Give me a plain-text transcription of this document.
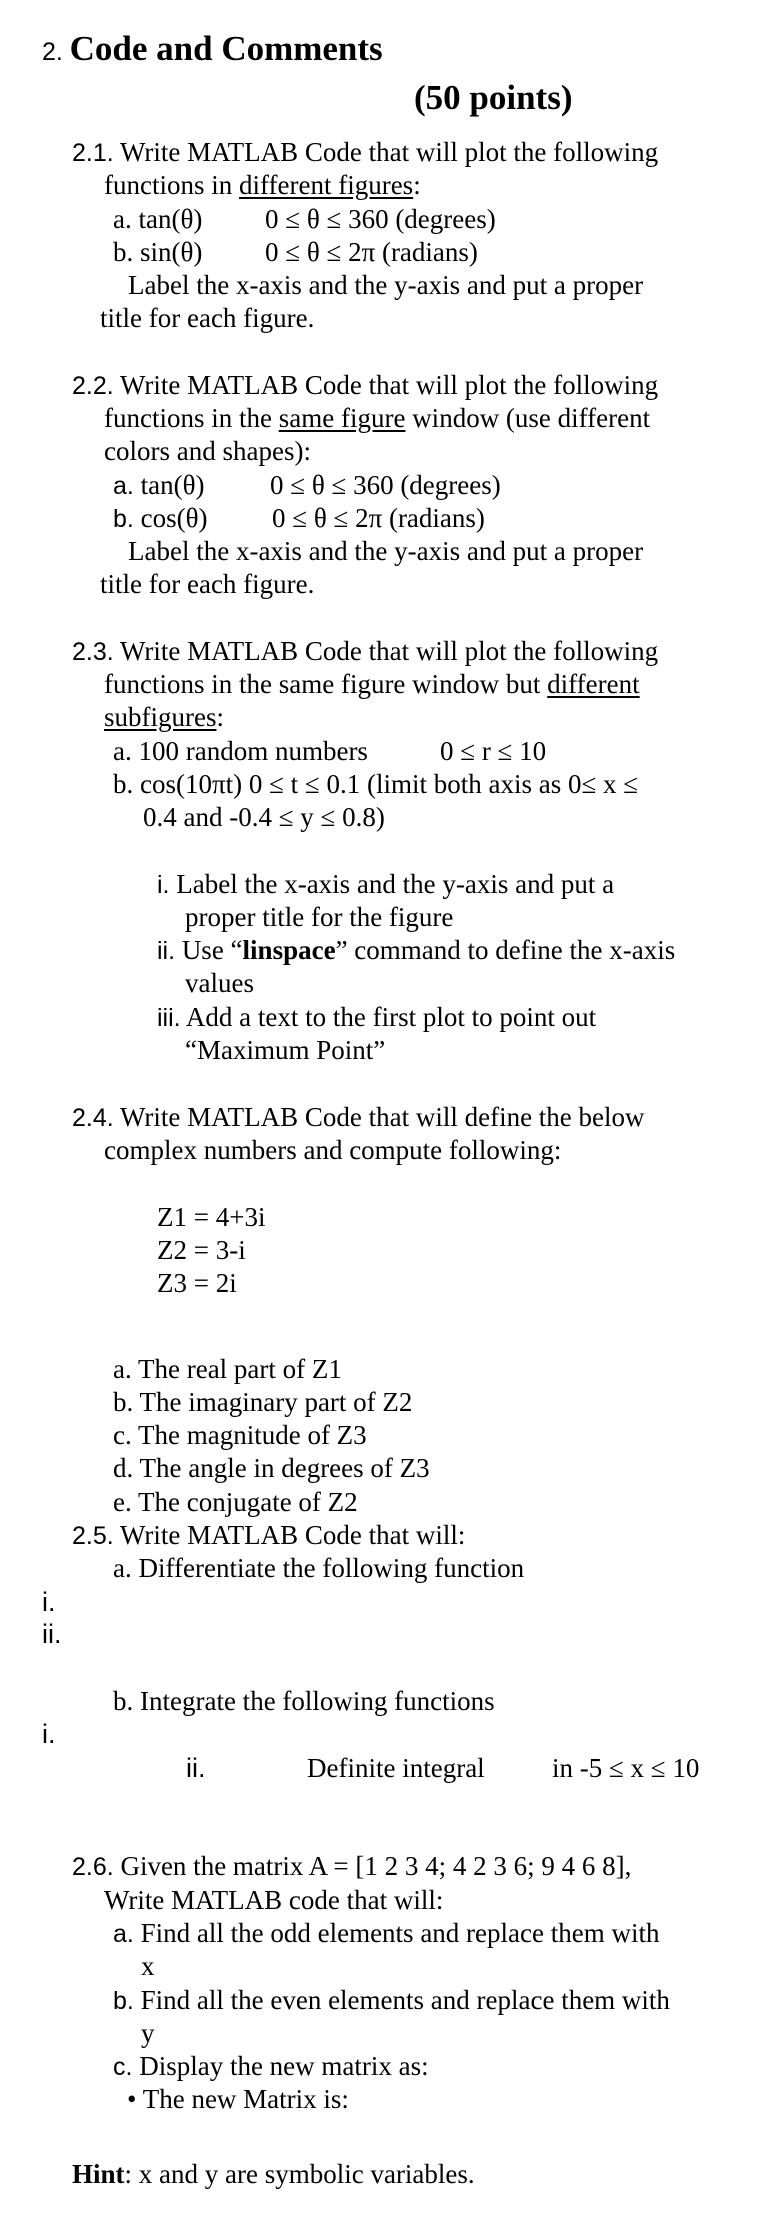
2. Code and Comments
(50 points)
2.1. Write MATLAB Code that will plot the following
functions in different figures:
a. tan(θ) 0 ≤ θ ≤ 360 (degrees)
b. sin(θ) 0 ≤ θ ≤ 2π (radians)
Label the x-axis and the y-axis and put a proper
title for each figure.
2.2. Write MATLAB Code that will plot the following
functions in the same figure window (use different
colors and shapes):
a. tan(θ) 0 ≤ θ ≤ 360 (degrees)
b. cos(θ) 0 ≤ θ ≤ 2π (radians)
Label the x-axis and the y-axis and put a proper
title for each figure.
2.3. Write MATLAB Code that will plot the following
functions in the same figure window but different
subfigures:
a. 100 random numbers	0 ≤ r ≤ 10
b. cos(10πt) 0 ≤ t ≤ 0.1 (limit both axis as 0≤ x ≤
0.4 and -0.4 ≤ y ≤ 0.8)
i. Label the x-axis and the y-axis and put a
proper title for the figure
ii. Use “linspace” command to define the x-axis
values
iii. Add a text to the first plot to point out
“Maximum Point”
2.4. Write MATLAB Code that will define the below
complex numbers and compute following:
Z1 = 4+3i
Z2 = 3-i
Z3 = 2i
a. The real part of Z1
b. The imaginary part of Z2
c. The magnitude of Z3
d. The angle in degrees of Z3
e. The conjugate of Z2
2.5. Write MATLAB Code that will:
a. Differentiate the following function
i.
ii.
b. Integrate the following functions
i.
ii.	Definite integral in -5 ≤ x ≤ 10
2.6. Given the matrix A = [1 2 3 4; 4 2 3 6; 9 4 6 8],
Write MATLAB code that will:
a. Find all the odd elements and replace them with
x
b. Find all the even elements and replace them with
y
c. Display the new matrix as:
• The new Matrix is:
Hint: x and y are symbolic variables.
